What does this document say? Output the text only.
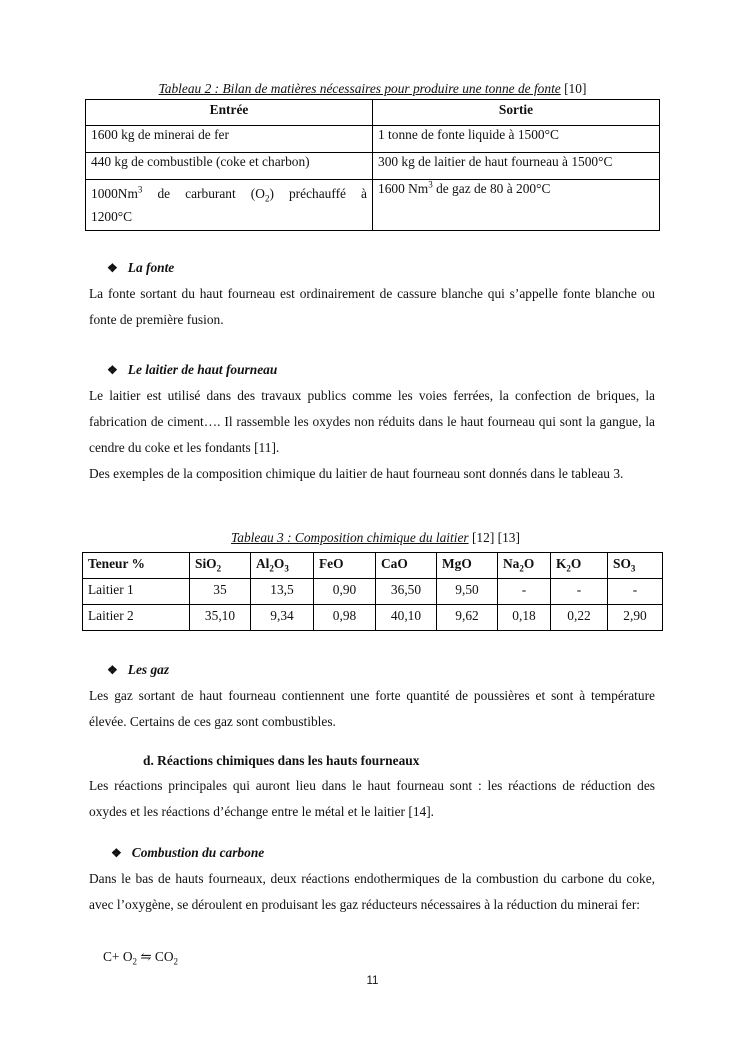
Tableau 2 : Bilan de matières nécessaires pour produire une tonne de fonte [10]
Entrée	Sortie
1600 kg de minerai de fer	1 tonne de fonte liquide à 1500°C
440 kg de combustible (coke et charbon)	300 kg de laitier de haut fourneau à 1500°C

1000Nm$^3$ de carburant $(O_2)$ préchauffé à
1200°C	1600 Nm$^3$ de gaz de 80 à 200°C
❖ La fonte
La fonte sortant du haut fourneau est ordinairement de cassure blanche qui s’appelle fonte blanche ou fonte de première fusion.
❖ Le laitier de haut fourneau
Le laitier est utilisé dans des travaux publics comme les voies ferrées, la confection de briques, la fabrication de ciment…. Il rassemble les oxydes non réduits dans le haut fourneau qui sont la gangue, la cendre du coke et les fondants [11].
Des exemples de la composition chimique du laitier de haut fourneau sont donnés dans le tableau 3.
Tableau 3 : Composition chimique du laitier [12] [13]
Teneur %	SiO$_2$	$Al_2O_3$	FeO	CaO	MgO	$Na_2O$	$K_2O$	$SO_3$
Laitier 1	35	13,5	0,90	36,50	9,50	-	-	-
Laitier 2	35,10	9,34	0,98	40,10	9,62	0,18	0,22	2,90
❖ Les gaz
Les gaz sortant de haut fourneau contiennent une forte quantité de poussières et sont à température élevée. Certains de ces gaz sont combustibles.
d. Réactions chimiques dans les hauts fourneaux
Les réactions principales qui auront lieu dans le haut fourneau sont : les réactions de réduction des oxydes et les réactions d’échange entre le métal et le laitier [14].
❖ Combustion du carbone
Dans le bas de hauts fourneaux, deux réactions endothermiques de la combustion du carbone du coke, avec l’oxygène, se déroulent en produisant les gaz réducteurs nécessaires à la réduction du minerai fer:
$C+ O_2$ ⇋ $CO_2$
11
